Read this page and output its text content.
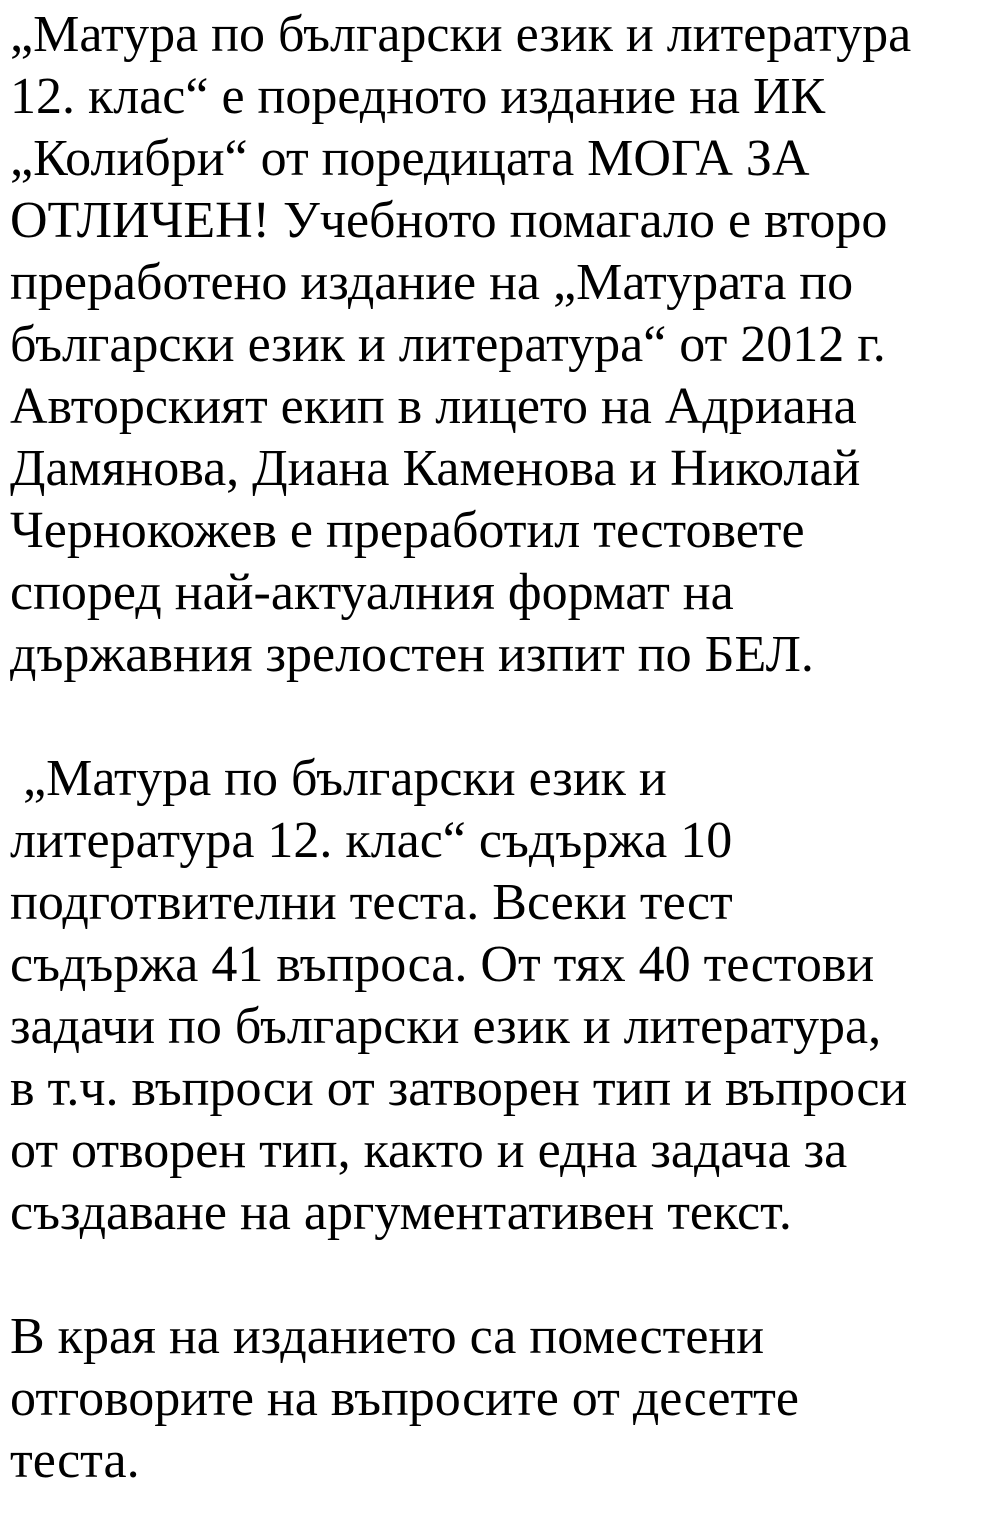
„Матура по български език и литература
12. клас“ е поредното издание на ИК
„Колибри“ от поредицата МОГА ЗА
ОТЛИЧЕН! Учебното помагало е второ
преработено издание на „Матурата по
български език и литература“ от 2012 г.
Авторският екип в лицето на Адриана
Дамянова, Диана Каменова и Николай
Чернокожев е преработил тестовете
според най-актуалния формат на
държавния зрелостен изпит по БЕЛ.

„Матура по български език и
литература 12. клас“ съдържа 10
подготвителни теста. Всеки тест
съдържа 41 въпроса. От тях 40 тестови
задачи по български език и литература,
в т.ч. въпроси от затворен тип и въпроси
от отворен тип, както и една задача за
създаване на аргументативен текст.

В края на изданието са поместени
отговорите на въпросите от десетте
теста.
